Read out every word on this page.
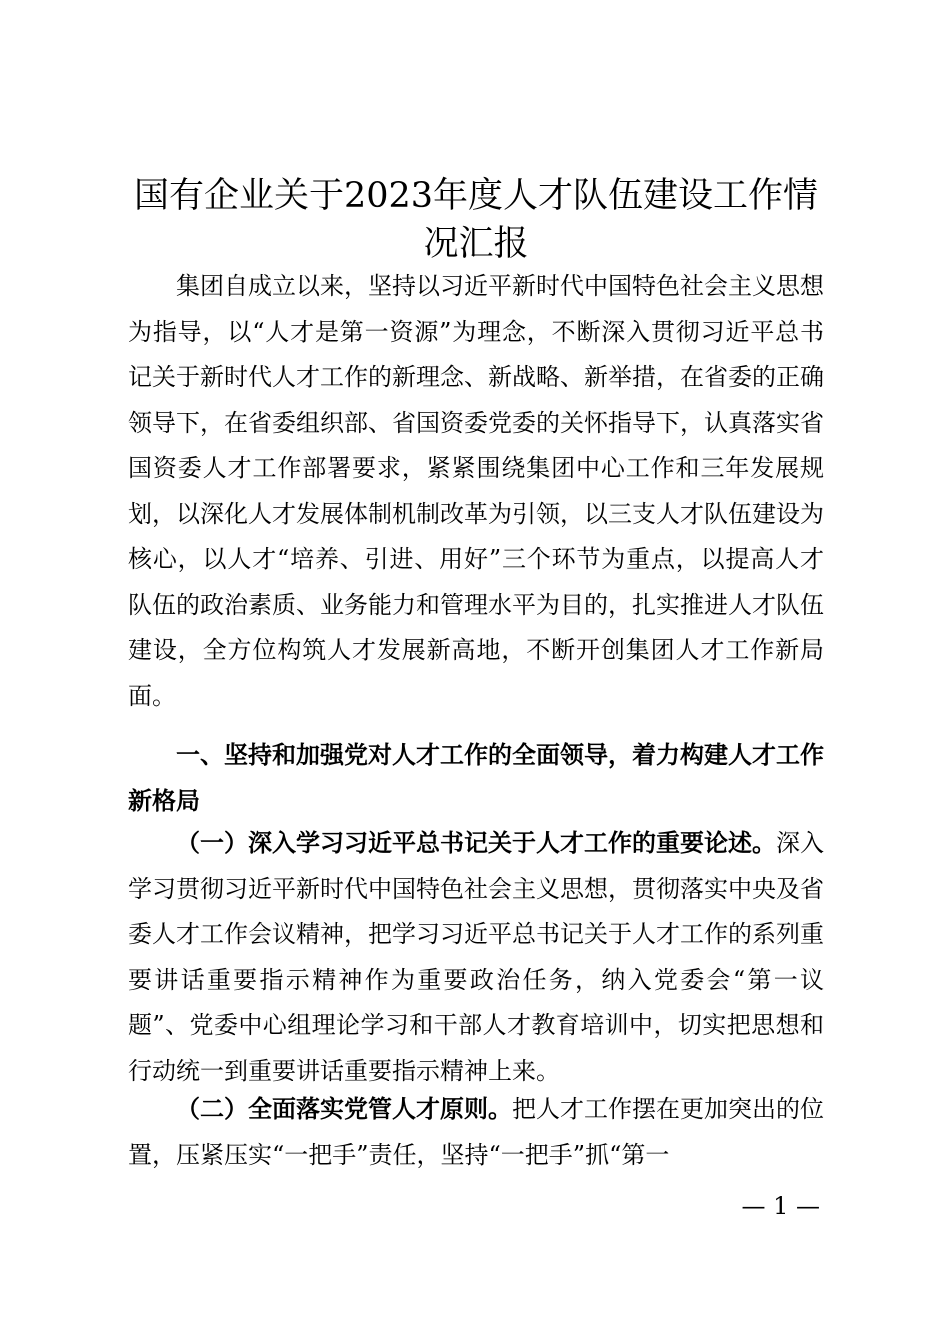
国有企业关于2023年度人才队伍建设工作情
况汇报

集团自成立以来，坚持以习近平新时代中国特色社会主义思想为指导，以“人才是第一资源”为理念，不断深入贯彻习近平总书记关于新时代人才工作的新理念、新战略、新举措，在省委的正确领导下，在省委组织部、省国资委党委的关怀指导下，认真落实省国资委人才工作部署要求，紧紧围绕集团中心工作和三年发展规划，以深化人才发展体制机制改革为引领，以三支人才队伍建设为核心，以人才“培养、引进、用好”三个环节为重点，以提高人才队伍的政治素质、业务能力和管理水平为目的，扎实推进人才队伍建设，全方位构筑人才发展新高地，不断开创集团人才工作新局面。

一、坚持和加强党对人才工作的全面领导，着力构建人才工作新格局

（一）深入学习习近平总书记关于人才工作的重要论述。深入学习贯彻习近平新时代中国特色社会主义思想，贯彻落实中央及省委人才工作会议精神，把学习习近平总书记关于人才工作的系列重要讲话重要指示精神作为重要政治任务，纳入党委会“第一议题”、党委中心组理论学习和干部人才教育培训中，切实把思想和行动统一到重要讲话重要指示精神上来。

（二）全面落实党管人才原则。把人才工作摆在更加突出的位置，压紧压实“一把手”责任，坚持“一把手”抓“第一

— 1 —
